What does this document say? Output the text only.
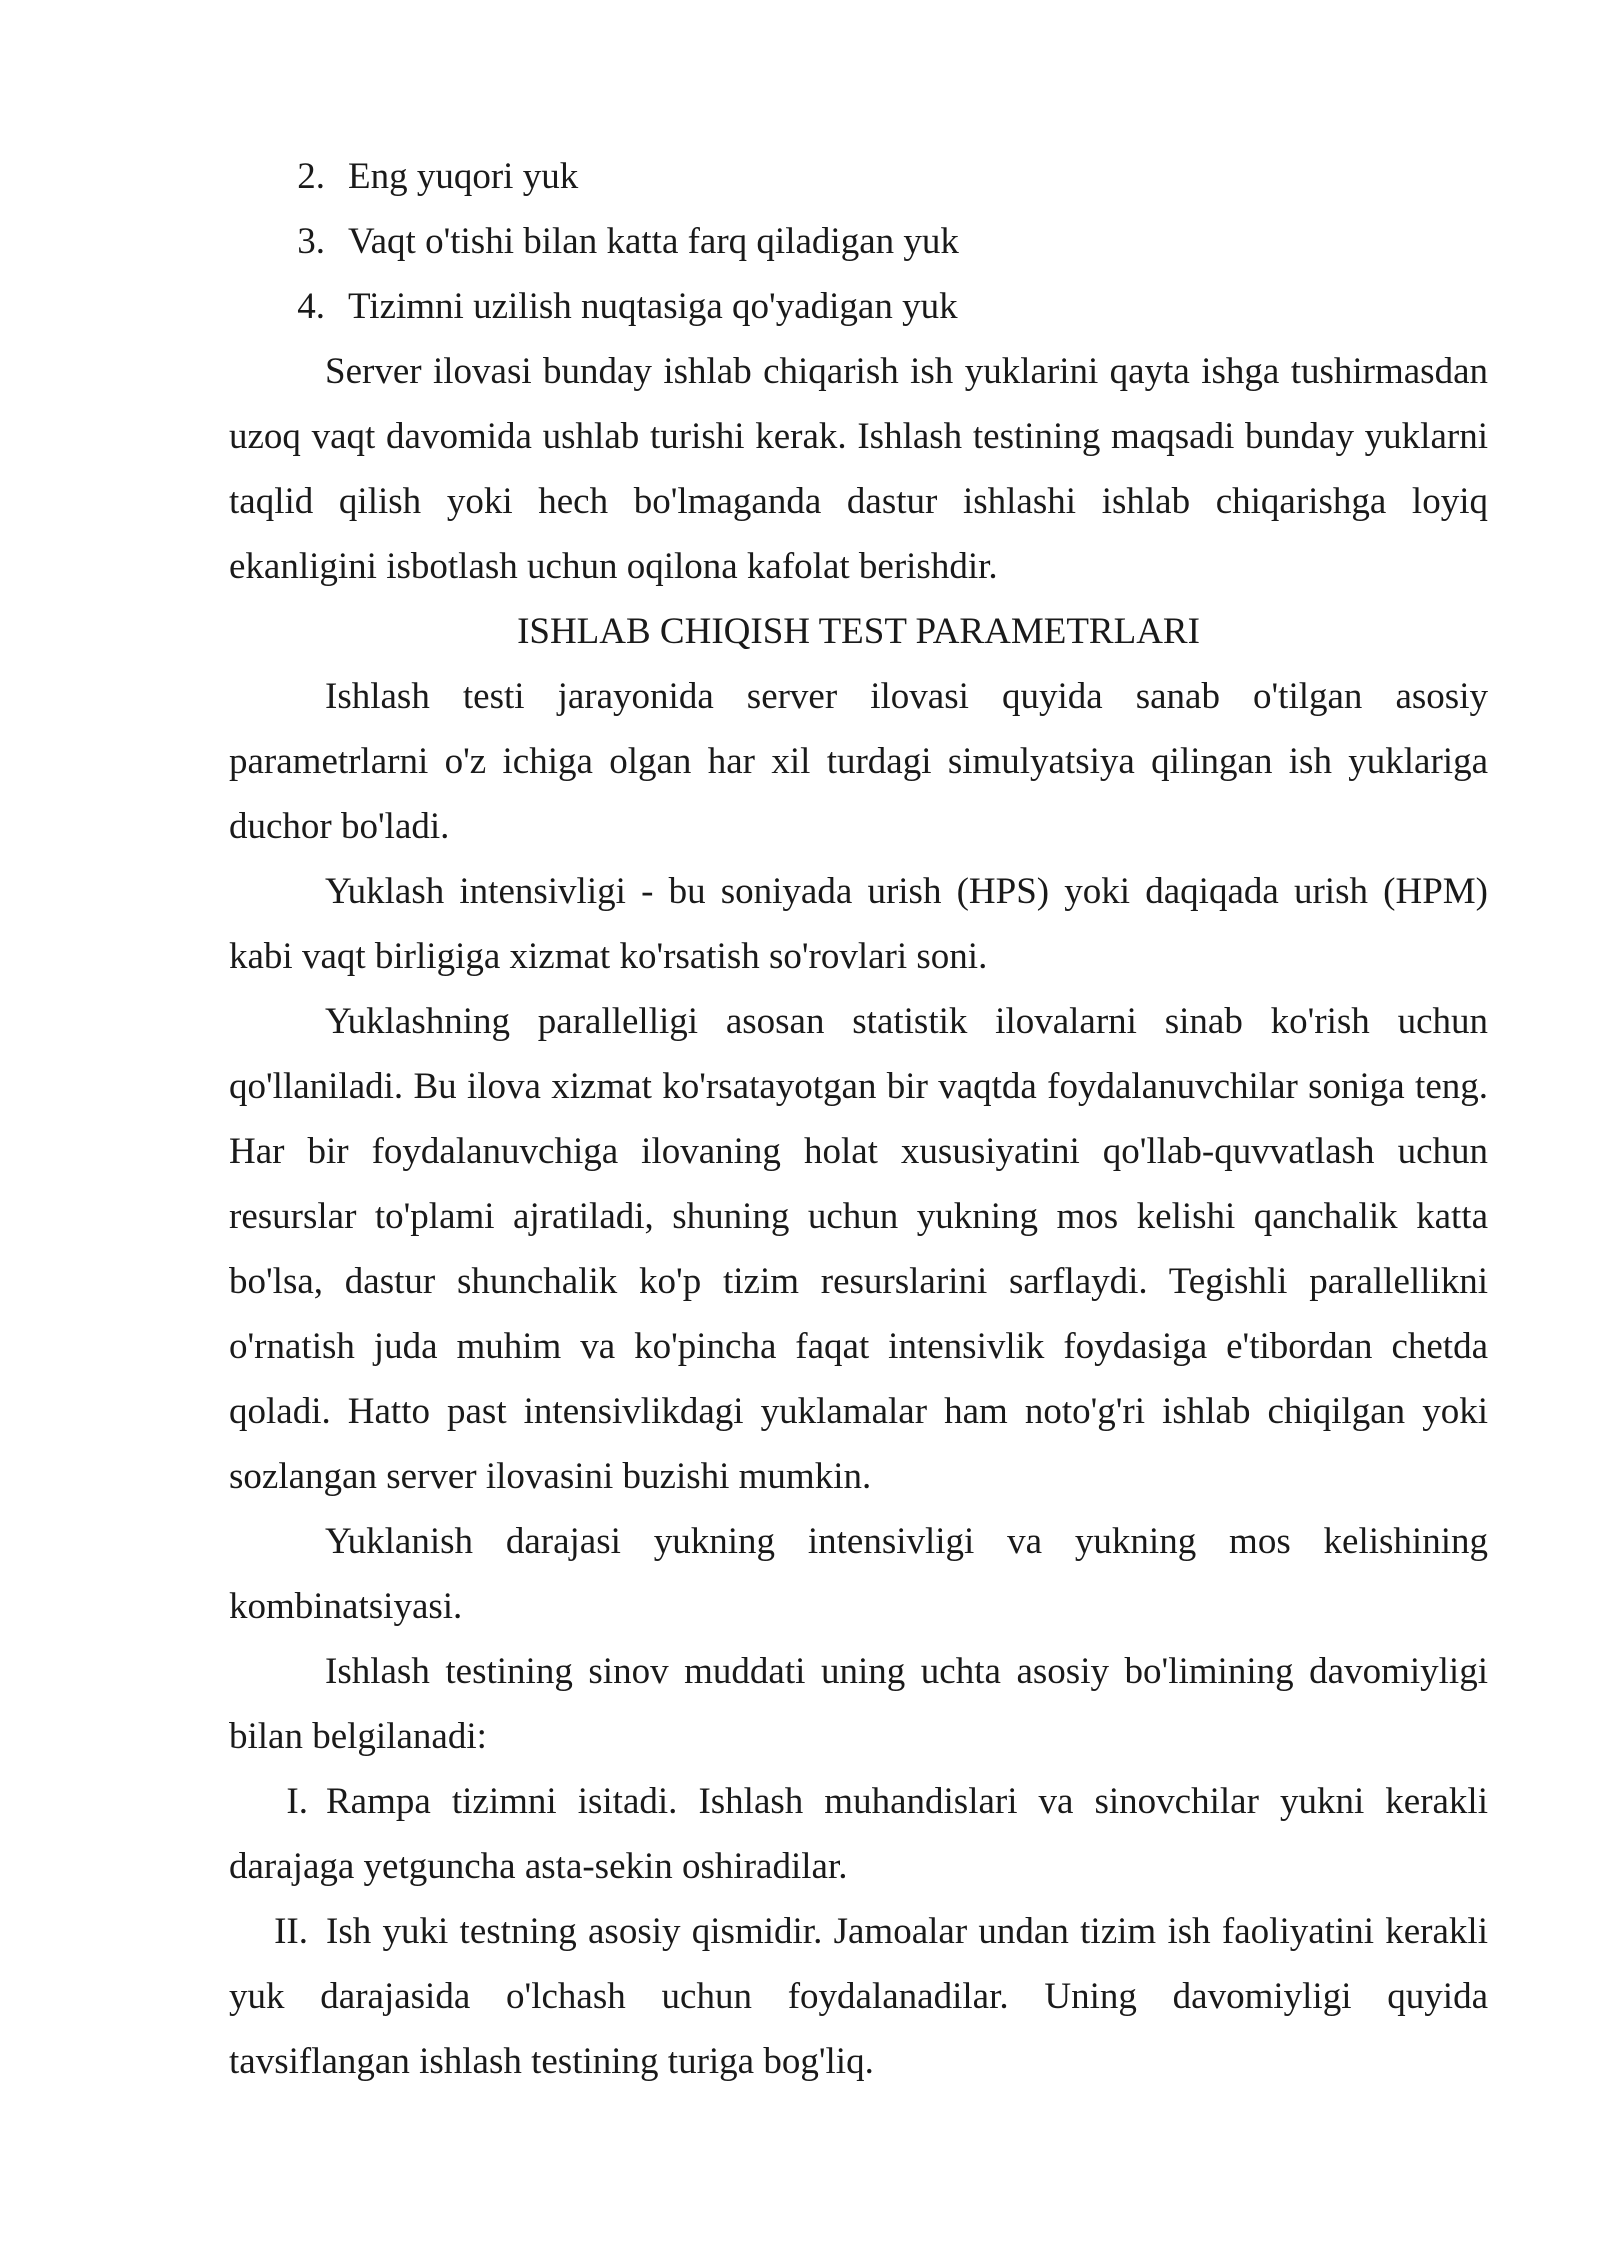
2. Eng yuqori yuk
3. Vaqt o'tishi bilan katta farq qiladigan yuk
4. Tizimni uzilish nuqtasiga qo'yadigan yuk

Server ilovasi bunday ishlab chiqarish ish yuklarini qayta ishga tushirmasdan uzoq vaqt davomida ushlab turishi kerak. Ishlash testining maqsadi bunday yuklarni taqlid qilish yoki hech bo'lmaganda dastur ishlashi ishlab chiqarishga loyiq ekanligini isbotlash uchun oqilona kafolat berishdir.

ISHLAB CHIQISH TEST PARAMETRLARI

Ishlash testi jarayonida server ilovasi quyida sanab o'tilgan asosiy parametrlarni o'z ichiga olgan har xil turdagi simulyatsiya qilingan ish yuklariga duchor bo'ladi.

Yuklash intensivligi - bu soniyada urish (HPS) yoki daqiqada urish (HPM) kabi vaqt birligiga xizmat ko'rsatish so'rovlari soni.

Yuklashning parallelligi asosan statistik ilovalarni sinab ko'rish uchun qo'llaniladi. Bu ilova xizmat ko'rsatayotgan bir vaqtda foydalanuvchilar soniga teng. Har bir foydalanuvchiga ilovaning holat xususiyatini qo'llab-quvvatlash uchun resurslar to'plami ajratiladi, shuning uchun yukning mos kelishi qanchalik katta bo'lsa, dastur shunchalik ko'p tizim resurslarini sarflaydi. Tegishli parallellikni o'rnatish juda muhim va ko'pincha faqat intensivlik foydasiga e'tibordan chetda qoladi. Hatto past intensivlikdagi yuklamalar ham noto'g'ri ishlab chiqilgan yoki sozlangan server ilovasini buzishi mumkin.

Yuklanish darajasi yukning intensivligi va yukning mos kelishining kombinatsiyasi.

Ishlash testining sinov muddati uning uchta asosiy bo'limining davomiyligi bilan belgilanadi:

I. Rampa tizimni isitadi. Ishlash muhandislari va sinovchilar yukni kerakli darajaga yetguncha asta-sekin oshiradilar.

II. Ish yuki testning asosiy qismidir. Jamoalar undan tizim ish faoliyatini kerakli yuk darajasida o'lchash uchun foydalanadilar. Uning davomiyligi quyida tavsiflangan ishlash testining turiga bog'liq.
